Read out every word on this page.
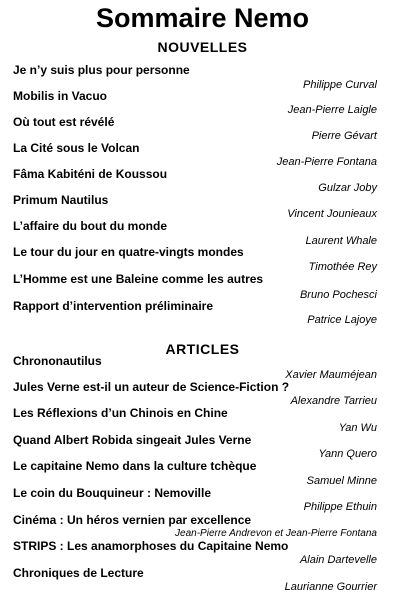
Sommaire Nemo
NOUVELLES
Je n’y suis plus pour personne
Philippe Curval
Mobilis in Vacuo
Jean-Pierre Laigle
Où tout est révélé
Pierre Gévart
La Cité sous le Volcan
Jean-Pierre Fontana
Fâma Kabiténi de Koussou
Gulzar Joby
Primum Nautilus
Vincent Jounieaux
L’affaire du bout du monde
Laurent Whale
Le tour du jour en quatre-vingts mondes
Timothée Rey
L’Homme est une Baleine comme les autres
Bruno Pochesci
Rapport d’intervention préliminaire
Patrice Lajoye
ARTICLES
Chrononautilus
Xavier Mauméjean
Jules Verne est-il un auteur de Science-Fiction ?
Alexandre Tarrieu
Les Réflexions d’un Chinois en Chine
Yan Wu
Quand Albert Robida singeait Jules Verne
Yann Quero
Le capitaine Nemo dans la culture tchèque
Samuel Minne
Le coin du Bouquineur : Nemoville
Philippe Ethuin
Cinéma : Un héros vernien par excellence
Jean-Pierre Andrevon et Jean-Pierre Fontana
STRIPS : Les anamorphoses du Capitaine Nemo
Alain Dartevelle
Chroniques de Lecture
Laurianne Gourrier
